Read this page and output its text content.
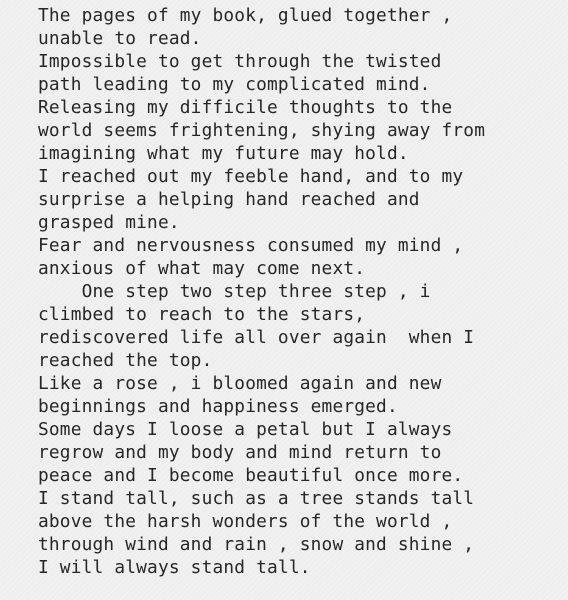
The pages of my book, glued together ,
unable to read.
Impossible to get through the twisted
path leading to my complicated mind.
Releasing my difficile thoughts to the
world seems frightening, shying away from
imagining what my future may hold.
I reached out my feeble hand, and to my
surprise a helping hand reached and
grasped mine.
Fear and nervousness consumed my mind ,
anxious of what may come next.
One step two step three step , i
climbed to reach to the stars,
rediscovered life all over again  when I
reached the top.
Like a rose , i bloomed again and new
beginnings and happiness emerged.
Some days I loose a petal but I always
regrow and my body and mind return to
peace and I become beautiful once more.
I stand tall, such as a tree stands tall
above the harsh wonders of the world ,
through wind and rain , snow and shine ,
I will always stand tall.
